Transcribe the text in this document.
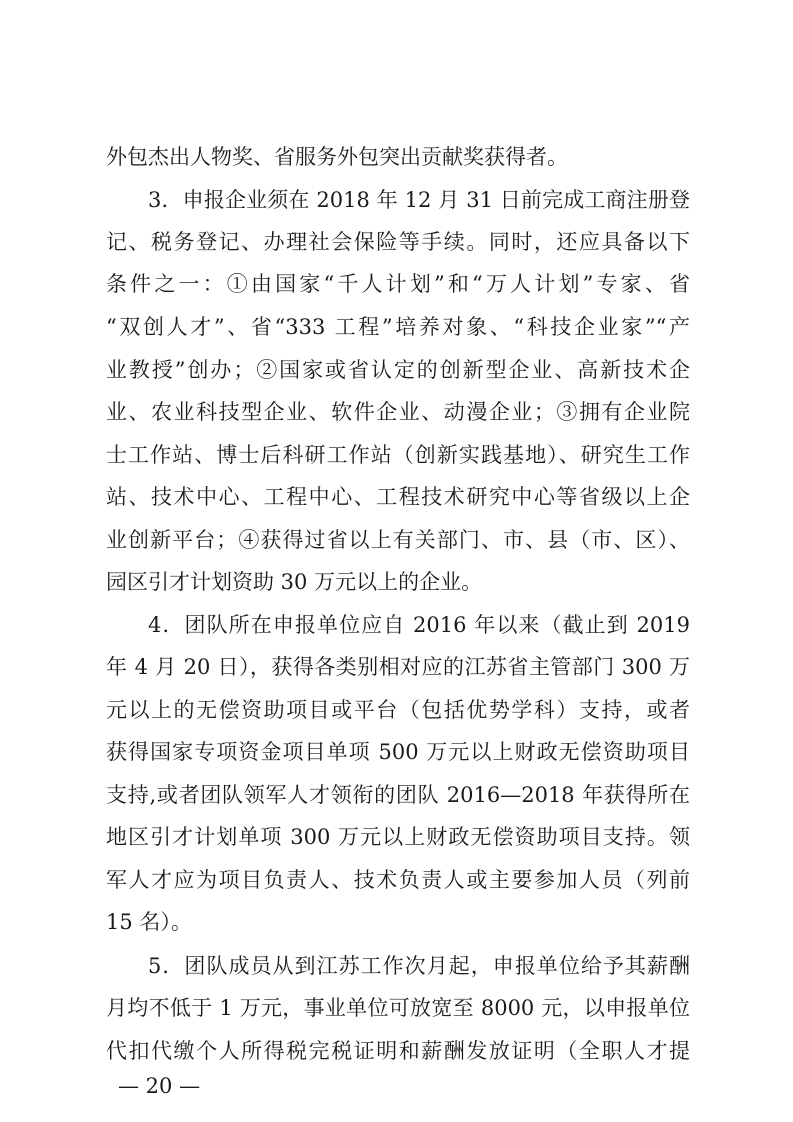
外包杰出人物奖、省服务外包突出贡献奖获得者。
3．申报企业须在 2018 年 12 月 31 日前完成工商注册登
记、税务登记、办理社会保险等手续。同时，还应具备以下
条件之一：①由国家“千人计划”和“万人计划”专家、省
“双创人才”、省“333 工程”培养对象、“科技企业家”“产
业教授”创办；②国家或省认定的创新型企业、高新技术企
业、农业科技型企业、软件企业、动漫企业；③拥有企业院
士工作站、博士后科研工作站（创新实践基地）、研究生工作
站、技术中心、工程中心、工程技术研究中心等省级以上企
业创新平台；④获得过省以上有关部门、市、县（市、区）、
园区引才计划资助 30 万元以上的企业。
4．团队所在申报单位应自 2016 年以来（截止到 2019
年 4 月 20 日），获得各类别相对应的江苏省主管部门 300 万
元以上的无偿资助项目或平台（包括优势学科）支持，或者
获得国家专项资金项目单项 500 万元以上财政无偿资助项目
支持,或者团队领军人才领衔的团队 2016—2018 年获得所在
地区引才计划单项 300 万元以上财政无偿资助项目支持。领
军人才应为项目负责人、技术负责人或主要参加人员（列前
15 名）。
5．团队成员从到江苏工作次月起，申报单位给予其薪酬
月均不低于 1 万元，事业单位可放宽至 8000 元，以申报单位
代扣代缴个人所得税完税证明和薪酬发放证明（全职人才提
— 20 —
